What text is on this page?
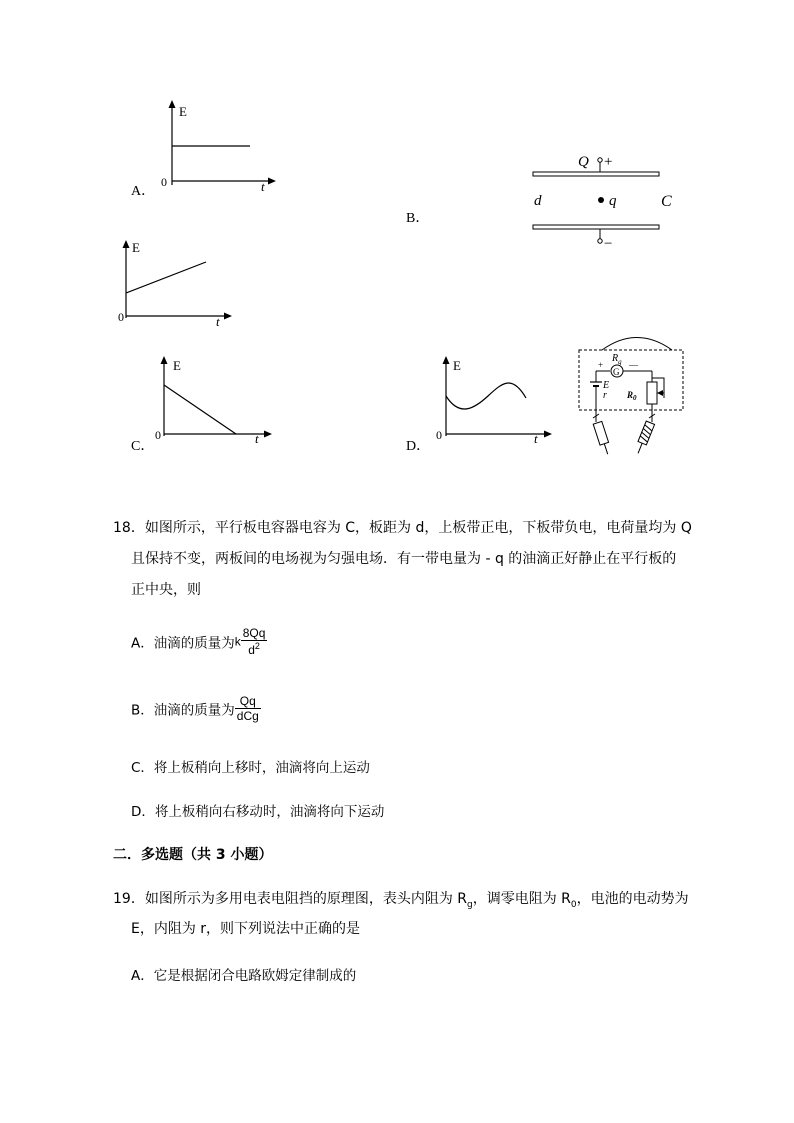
E
0	t
A．
B．
Q +
−
d	q	C
E
0	t
E
0	t
C．
E
0	t
D．
G
+	—
E
r
$R_g$
$R_0$
18．如图所示，平行板电容器电容为 C，板距为 d，上板带正电，下板带负电，电荷量均为 Q
且保持不变，两板间的电场视为匀强电场．有一带电量为 ‑ q 的油滴正好静止在平行板的
正中央，则
A．油滴的质量为k $\frac{8Qq}{d^2}$
B．油滴的质量为 $\frac{Qq}{\text{dCg}}$
C．将上板稍向上移时，油滴将向上运动
D．将上板稍向右移动时，油滴将向下运动
二．多选题（共 3 小题）
19．如图所示为多用电表电阻挡的原理图，表头内阻为 $R_g$，调零电阻为 $R_0$，电池的电动势为
E，内阻为 r，则下列说法中正确的是
A．它是根据闭合电路欧姆定律制成的
